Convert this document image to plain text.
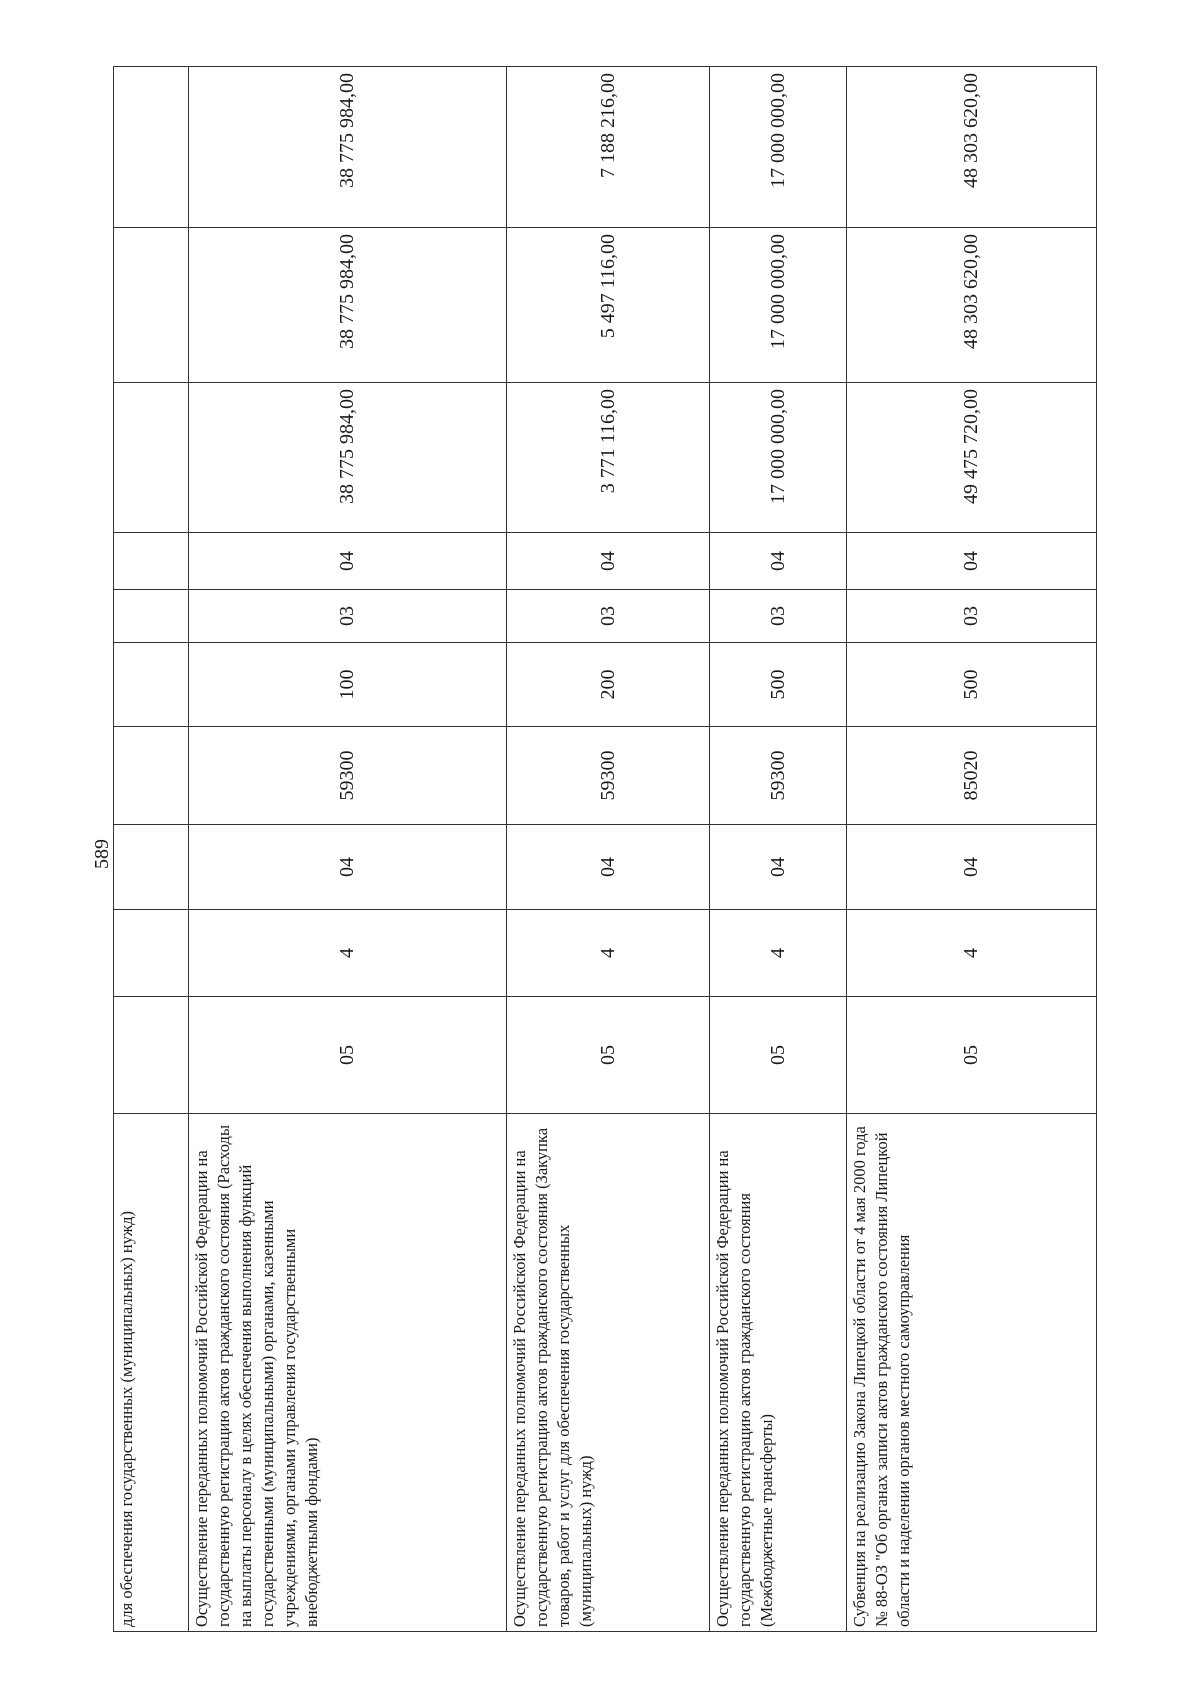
589
для обеспечения государственных (муниципальных) нужд)										
Осуществление переданных полномочий Российской Федерации на государственную регистрацию актов гражданского состояния (Расходы на выплаты персоналу в целях обеспечения выполнения функций государственными (муниципальными) органами, казенными учреждениями, органами управления государственными внебюджетными фондами)	05	4	04	59300	100	03	04	38 775 984,00	38 775 984,00	38 775 984,00
Осуществление переданных полномочий Российской Федерации на государственную регистрацию актов гражданского состояния (Закупка товаров, работ и услуг для обеспечения государственных (муниципальных) нужд)	05	4	04	59300	200	03	04	3 771 116,00	5 497 116,00	7 188 216,00
Осуществление переданных полномочий Российской Федерации на государственную регистрацию актов гражданского состояния (Межбюджетные трансферты)	05	4	04	59300	500	03	04	17 000 000,00	17 000 000,00	17 000 000,00
Субвенция на реализацию Закона Липецкой области от 4 мая 2000 года № 88-ОЗ "Об органах записи актов гражданского состояния Липецкой области и наделении органов местного самоуправления	05	4	04	85020	500	03	04	49 475 720,00	48 303 620,00	48 303 620,00
